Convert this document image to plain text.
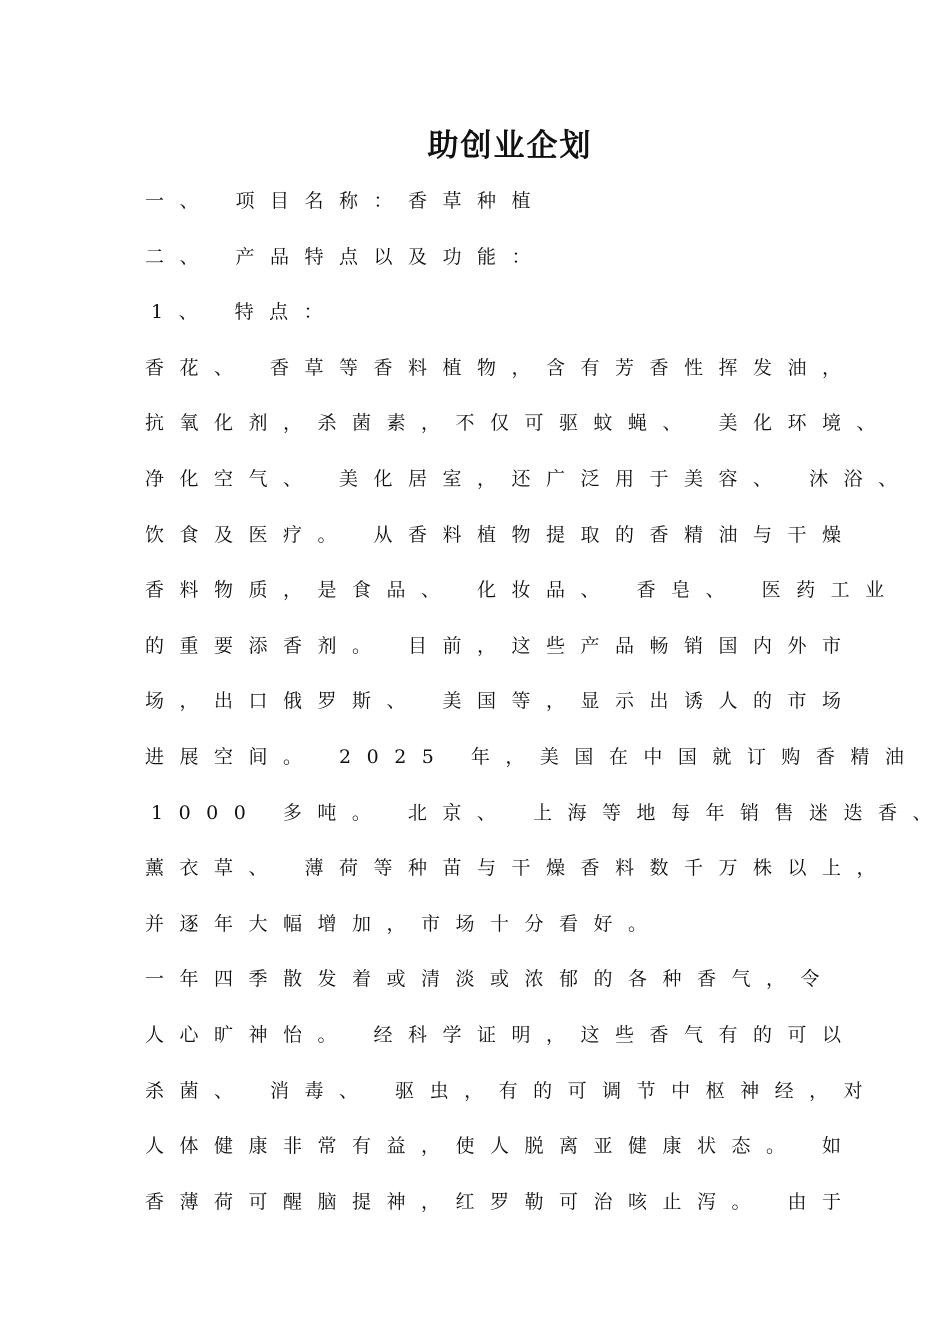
助创业企划
一、 项目名称：香草种植
二、 产品特点以及功能：
1、 特点：
香花、 香草等香料植物，含有芳香性挥发油，
抗氧化剂，杀菌素，不仅可驱蚊蝇、 美化环境、
净化空气、 美化居室，还广泛用于美容、 沐浴、
饮食及医疗。 从香料植物提取的香精油与干燥
香料物质，是食品、 化妆品、 香皂、 医药工业
的重要添香剂。 目前，这些产品畅销国内外市
场，出口俄罗斯、 美国等，显示出诱人的市场
进展空间。 2025 年，美国在中国就订购香精油
1000 多吨。 北京、 上海等地每年销售迷迭香、
薰衣草、 薄荷等种苗与干燥香料数千万株以上，
并逐年大幅增加，市场十分看好。
一年四季散发着或清淡或浓郁的各种香气，令
人心旷神怡。 经科学证明，这些香气有的可以
杀菌、 消毒、 驱虫，有的可调节中枢神经，对
人体健康非常有益，使人脱离亚健康状态。 如
香薄荷可醒脑提神，红罗勒可治咳止泻。 由于
